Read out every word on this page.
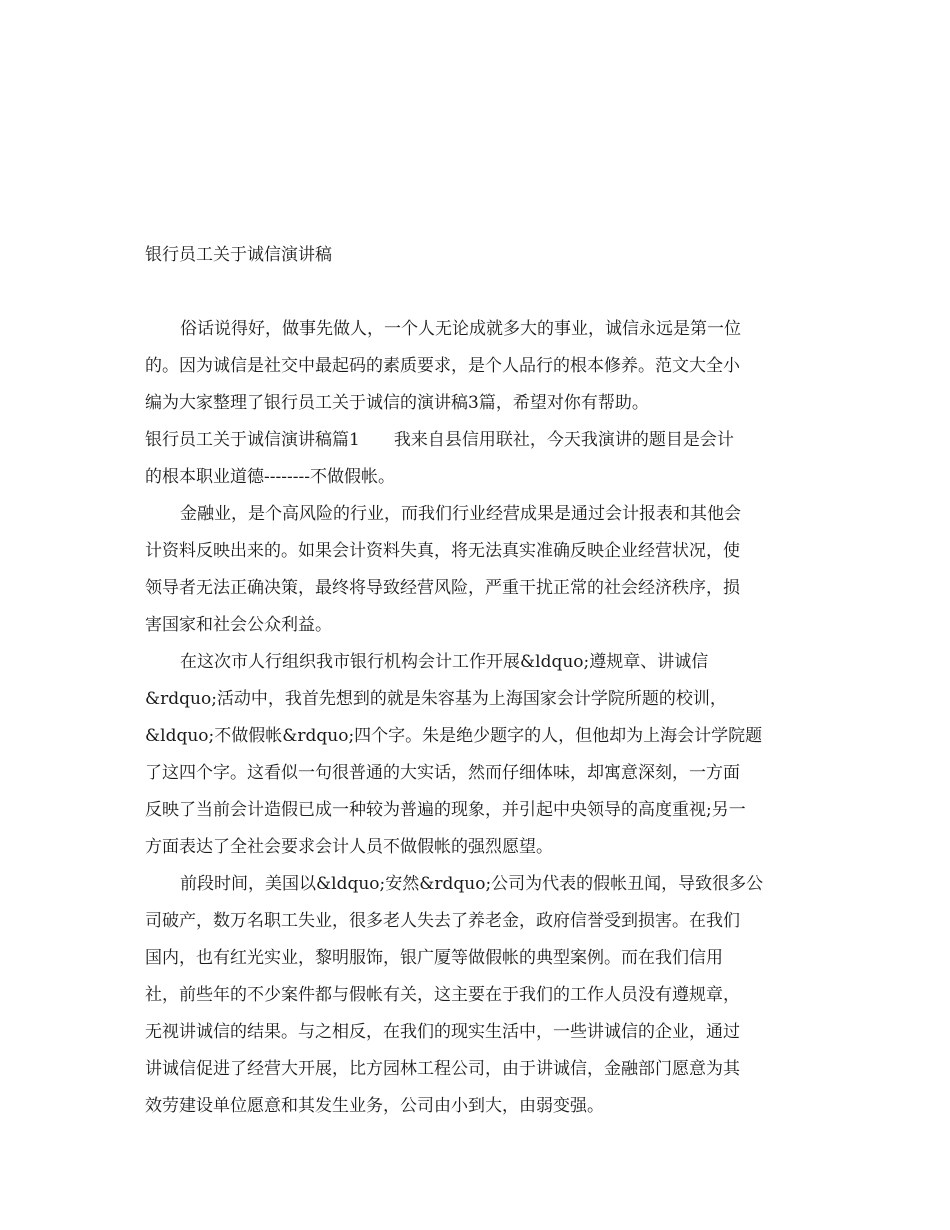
银行员工关于诚信演讲稿
俗话说得好，做事先做人，一个人无论成就多大的事业，诚信永远是第一位
的。因为诚信是社交中最起码的素质要求，是个人品行的根本修养。范文大全小
编为大家整理了银行员工关于诚信的演讲稿3篇，希望对你有帮助。
银行员工关于诚信演讲稿篇1 我来自县信用联社，今天我演讲的题目是会计
的根本职业道德--------不做假帐。
金融业，是个高风险的行业，而我们行业经营成果是通过会计报表和其他会
计资料反映出来的。如果会计资料失真，将无法真实准确反映企业经营状况，使
领导者无法正确决策，最终将导致经营风险，严重干扰正常的社会经济秩序，损
害国家和社会公众利益。
在这次市人行组织我市银行机构会计工作开展&ldquo;遵规章、讲诚信
&rdquo;活动中，我首先想到的就是朱容基为上海国家会计学院所题的校训，
&ldquo;不做假帐&rdquo;四个字。朱是绝少题字的人，但他却为上海会计学院题
了这四个字。这看似一句很普通的大实话，然而仔细体味，却寓意深刻，一方面
反映了当前会计造假已成一种较为普遍的现象，并引起中央领导的高度重视;另一
方面表达了全社会要求会计人员不做假帐的强烈愿望。
前段时间，美国以&ldquo;安然&rdquo;公司为代表的假帐丑闻，导致很多公
司破产，数万名职工失业，很多老人失去了养老金，政府信誉受到损害。在我们
国内，也有红光实业，黎明服饰，银广厦等做假帐的典型案例。而在我们信用
社，前些年的不少案件都与假帐有关，这主要在于我们的工作人员没有遵规章，
无视讲诚信的结果。与之相反，在我们的现实生活中，一些讲诚信的企业，通过
讲诚信促进了经营大开展，比方园林工程公司，由于讲诚信，金融部门愿意为其
效劳建设单位愿意和其发生业务，公司由小到大，由弱变强。
